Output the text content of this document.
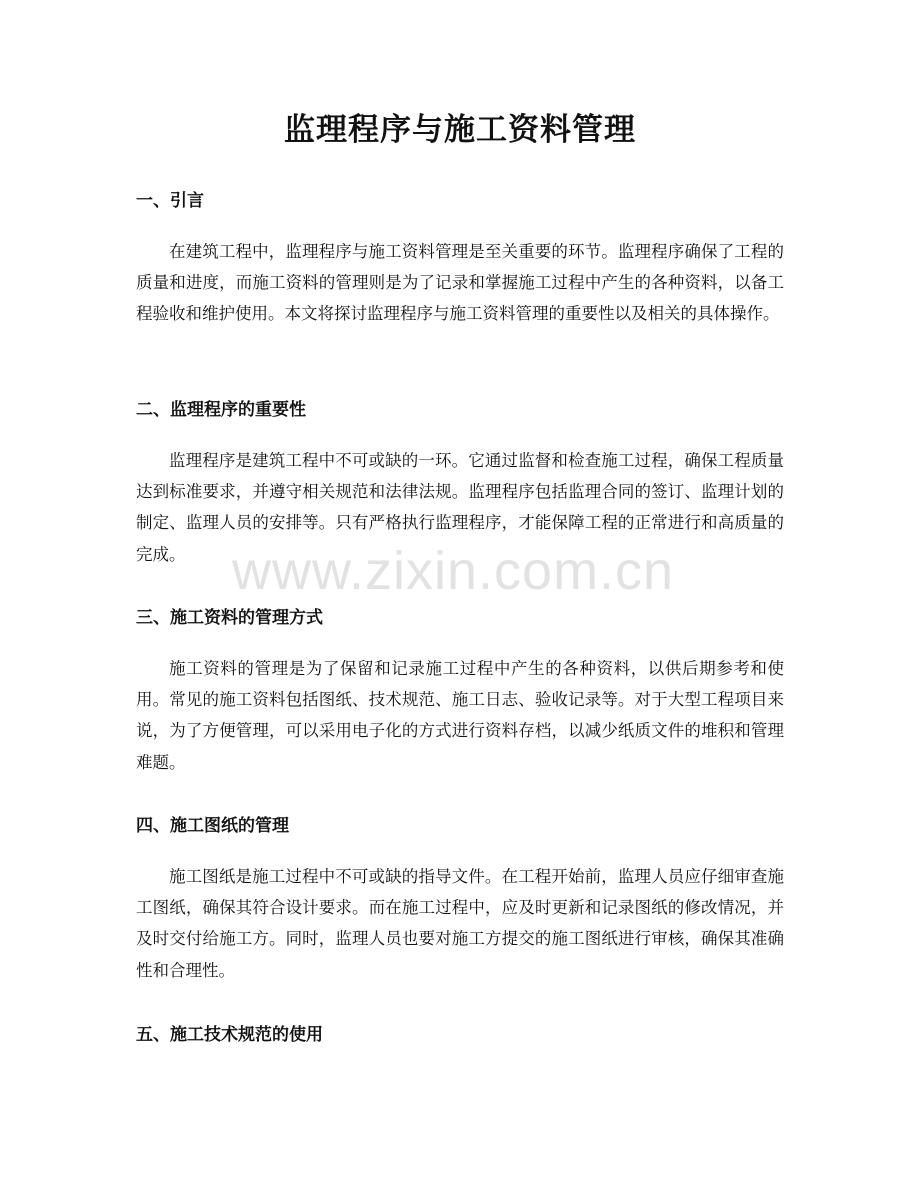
监理程序与施工资料管理
一、引言

在建筑工程中，监理程序与施工资料管理是至关重要的环节。监理程序确保了工程的质量和进度，而施工资料的管理则是为了记录和掌握施工过程中产生的各种资料，以备工程验收和维护使用。本文将探讨监理程序与施工资料管理的重要性以及相关的具体操作。

二、监理程序的重要性

监理程序是建筑工程中不可或缺的一环。它通过监督和检查施工过程，确保工程质量达到标准要求，并遵守相关规范和法律法规。监理程序包括监理合同的签订、监理计划的制定、监理人员的安排等。只有严格执行监理程序，才能保障工程的正常进行和高质量的完成。

三、施工资料的管理方式

施工资料的管理是为了保留和记录施工过程中产生的各种资料，以供后期参考和使用。常见的施工资料包括图纸、技术规范、施工日志、验收记录等。对于大型工程项目来说，为了方便管理，可以采用电子化的方式进行资料存档，以减少纸质文件的堆积和管理难题。

四、施工图纸的管理

施工图纸是施工过程中不可或缺的指导文件。在工程开始前，监理人员应仔细审查施工图纸，确保其符合设计要求。而在施工过程中，应及时更新和记录图纸的修改情况，并及时交付给施工方。同时，监理人员也要对施工方提交的施工图纸进行审核，确保其准确性和合理性。

五、施工技术规范的使用
www.zixin.com.cn
